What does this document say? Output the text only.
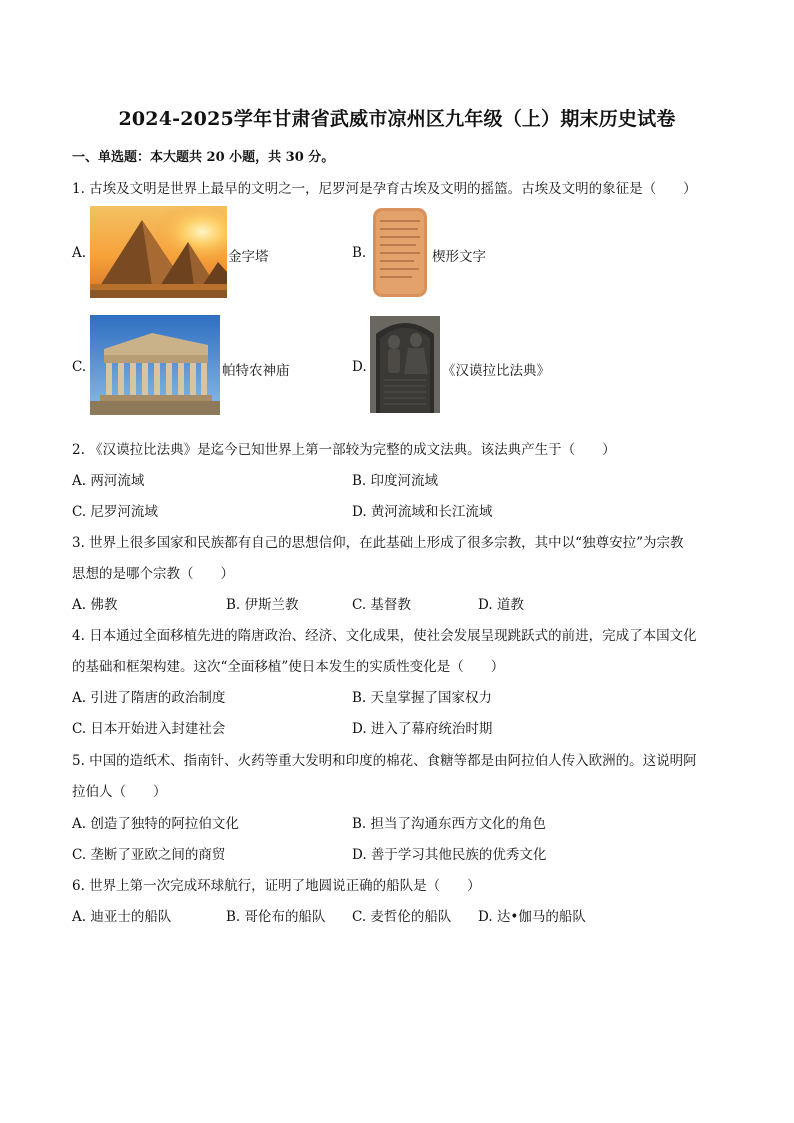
2024-2025学年甘肃省武威市凉州区九年级（上）期末历史试卷
一、单选题：本大题共 20 小题，共 30 分。
1. 古埃及文明是世界上最早的文明之一，尼罗河是孕育古埃及文明的摇篮。古埃及文明的象征是（　　）
A.	金字塔	B.	楔形文字
C.	帕特农神庙	D.	《汉谟拉比法典》
2. 《汉谟拉比法典》是迄今已知世界上第一部较为完整的成文法典。该法典产生于（　　）
A. 两河流域	B. 印度河流域
C. 尼罗河流域	D. 黄河流域和长江流域
3. 世界上很多国家和民族都有自己的思想信仰，在此基础上形成了很多宗教，其中以“独尊安拉”为宗教
思想的是哪个宗教（　　）
A. 佛教	B. 伊斯兰教	C. 基督教	D. 道教
4. 日本通过全面移植先进的隋唐政治、经济、文化成果，使社会发展呈现跳跃式的前进，完成了本国文化
的基础和框架构建。这次“全面移植”使日本发生的实质性变化是（　　）
A. 引进了隋唐的政治制度	B. 天皇掌握了国家权力
C. 日本开始进入封建社会	D. 进入了幕府统治时期
5. 中国的造纸术、指南针、火药等重大发明和印度的棉花、食糖等都是由阿拉伯人传入欧洲的。这说明阿
拉伯人（　　）
A. 创造了独特的阿拉伯文化	B. 担当了沟通东西方文化的角色
C. 垄断了亚欧之间的商贸	D. 善于学习其他民族的优秀文化
6. 世界上第一次完成环球航行，证明了地圆说正确的船队是（　　）
A. 迪亚士的船队	B. 哥伦布的船队 C. 麦哲伦的船队 D. 达•伽马的船队
